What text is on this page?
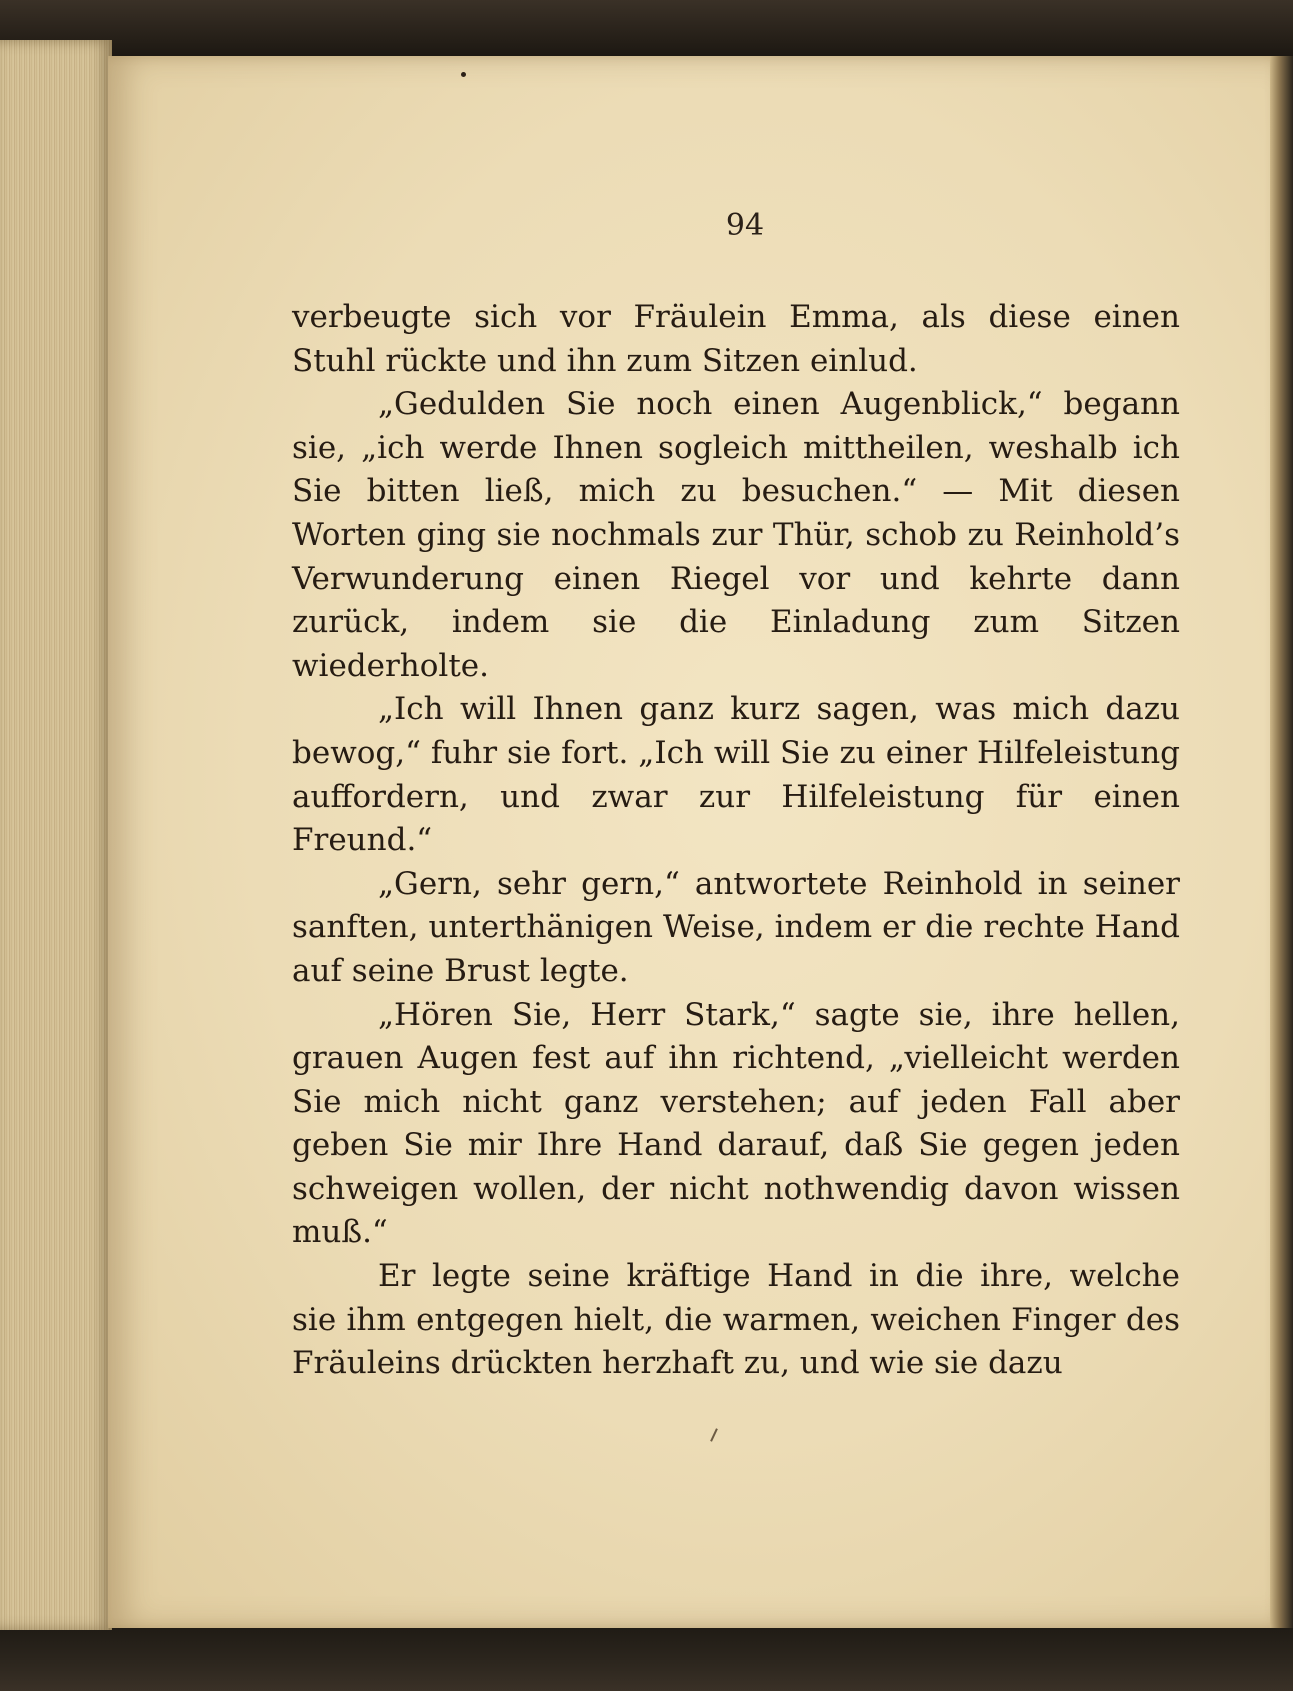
94

verbeugte sich vor Fräulein Emma, als diese einen Stuhl rückte und ihn zum Sitzen einlud.

„Gedulden Sie noch einen Augenblick,“ begann sie, „ich werde Ihnen sogleich mittheilen, weshalb ich Sie bitten ließ, mich zu besuchen.“ — Mit diesen Worten ging sie nochmals zur Thür, schob zu Reinhold’s Verwunderung einen Riegel vor und kehrte dann zurück, indem sie die Einladung zum Sitzen wiederholte.

„Ich will Ihnen ganz kurz sagen, was mich dazu bewog,“ fuhr sie fort. „Ich will Sie zu einer Hilfeleistung auffordern, und zwar zur Hilfeleistung für einen Freund.“

„Gern, sehr gern,“ antwortete Reinhold in seiner sanften, unterthänigen Weise, indem er die rechte Hand auf seine Brust legte.

„Hören Sie, Herr Stark,“ sagte sie, ihre hellen, grauen Augen fest auf ihn richtend, „vielleicht werden Sie mich nicht ganz verstehen; auf jeden Fall aber geben Sie mir Ihre Hand darauf, daß Sie gegen jeden schweigen wollen, der nicht nothwendig davon wissen muß.“

Er legte seine kräftige Hand in die ihre, welche sie ihm entgegen hielt, die warmen, weichen Finger des Fräuleins drückten herzhaft zu, und wie sie dazu
